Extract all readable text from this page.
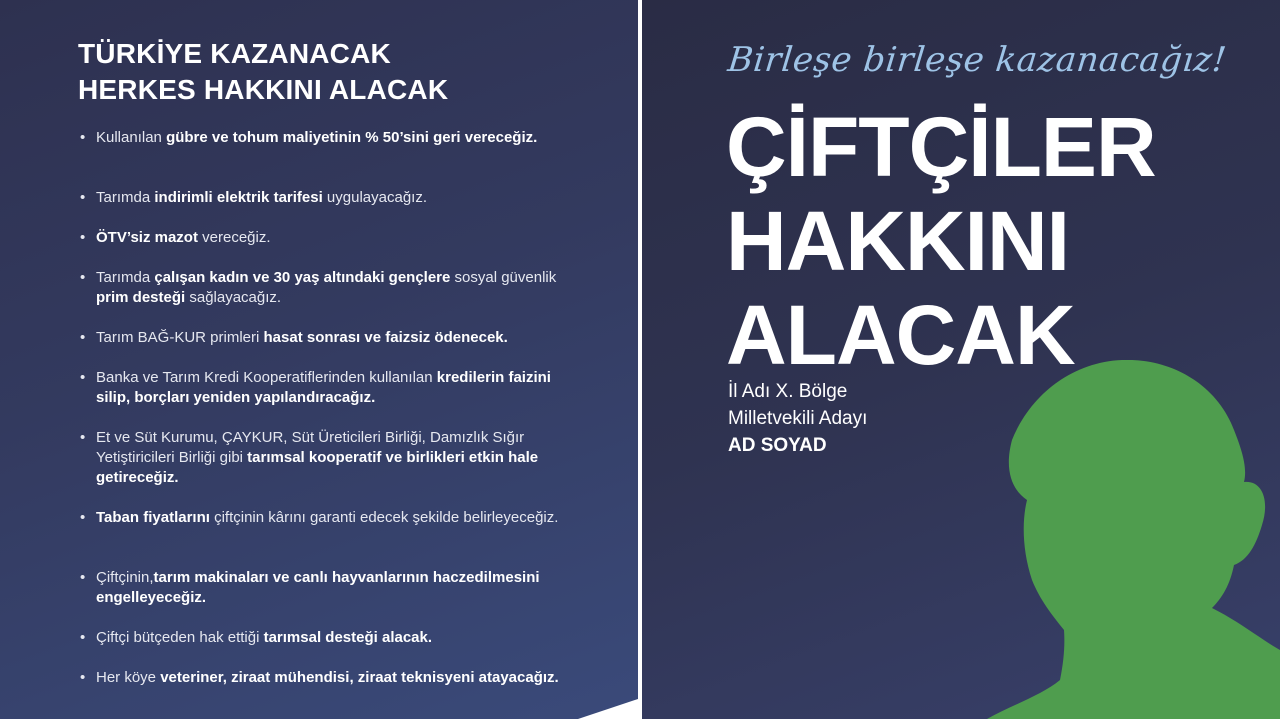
TÜRKİYE KAZANACAK
HERKES HAKKINI ALACAK
• Kullanılan gübre ve tohum maliyetinin % 50’sini geri vereceğiz.
• Tarımda indirimli elektrik tarifesi uygulayacağız.
• ÖTV’siz mazot vereceğiz.
• Tarımda çalışan kadın ve 30 yaş altındaki gençlere sosyal güvenlik prim desteği sağlayacağız.
• Tarım BAĞ-KUR primleri hasat sonrası ve faizsiz ödenecek.
• Banka ve Tarım Kredi Kooperatiflerinden kullanılan kredilerin faizini silip, borçları yeniden yapılandıracağız.
• Et ve Süt Kurumu, ÇAYKUR, Süt Üreticileri Birliği, Damızlık Sığır Yetiştiricileri Birliği gibi tarımsal kooperatif ve birlikleri etkin hale getireceğiz.
• Taban fiyatlarını çiftçinin kârını garanti edecek şekilde belirleyeceğiz.
• Çiftçinin,tarım makinaları ve canlı hayvanlarının haczedilmesini engelleyeceğiz.
• Çiftçi bütçeden hak ettiği tarımsal desteği alacak.
• Her köye veteriner, ziraat mühendisi, ziraat teknisyeni atayacağız.
Birleşe birleşe kazanacağız!
ÇİFTÇİLER
HAKKINI
ALACAK
İl Adı X. Bölge
Milletvekili Adayı
AD SOYAD
